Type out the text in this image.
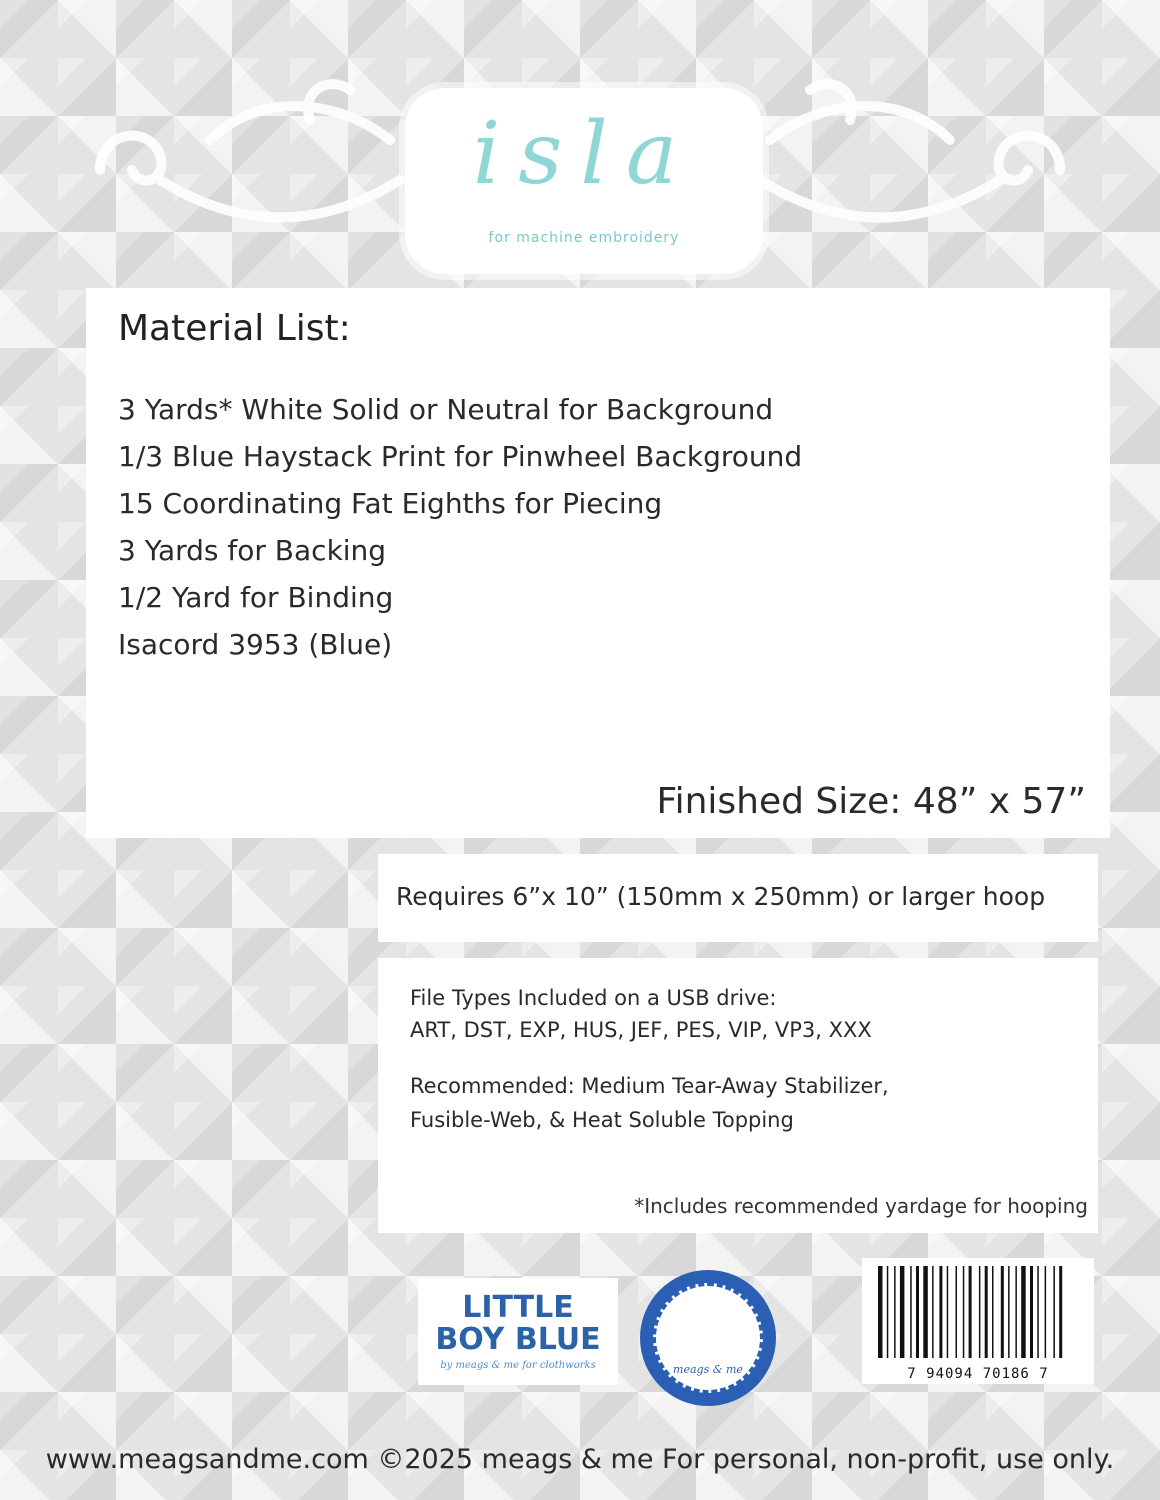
isla
for machine embroidery
Material List:
3 Yards* White Solid or Neutral for Background
1/3 Blue Haystack Print for Pinwheel Background
15 Coordinating Fat Eighths for Piecing
3 Yards for Backing
1/2 Yard for Binding
Isacord 3953 (Blue)
Finished Size: 48” x 57”
Requires 6”x 10” (150mm x 250mm) or larger hoop
File Types Included on a USB drive:
ART, DST, EXP, HUS, JEF, PES, VIP, VP3, XXX
Recommended: Medium Tear-Away Stabilizer,
Fusible-Web, & Heat Soluble Topping
*Includes recommended yardage for hooping
LITTLE
BOY BLUE
by meags & me for clothworks	meags & me	7 94094 70186 7
www.meagsandme.com ©2025 meags & me For personal, non-profit, use only.
